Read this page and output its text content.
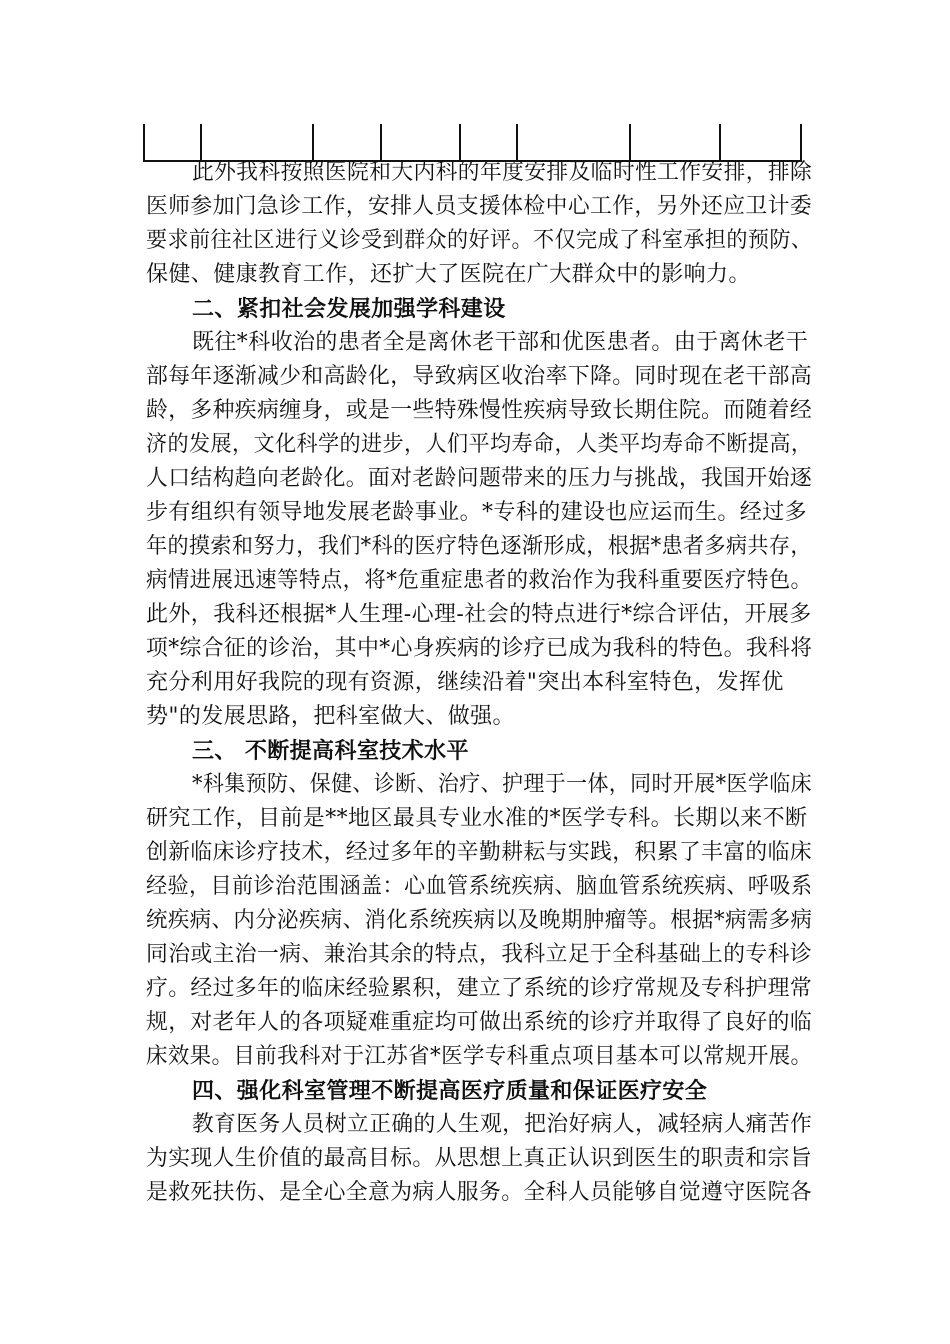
此外我科按照医院和大内科的年度安排及临时性工作安排，排除
医师参加门急诊工作，安排人员支援体检中心工作，另外还应卫计委
要求前往社区进行义诊受到群众的好评。不仅完成了科室承担的预防、
保健、健康教育工作，还扩大了医院在广大群众中的影响力。
二、紧扣社会发展加强学科建设
既往*科收治的患者全是离休老干部和优医患者。由于离休老干
部每年逐渐减少和高龄化，导致病区收治率下降。同时现在老干部高
龄，多种疾病缠身，或是一些特殊慢性疾病导致长期住院。而随着经
济的发展，文化科学的进步，人们平均寿命，人类平均寿命不断提高，
人口结构趋向老龄化。面对老龄问题带来的压力与挑战，我国开始逐
步有组织有领导地发展老龄事业。*专科的建设也应运而生。经过多
年的摸索和努力，我们*科的医疗特色逐渐形成，根据*患者多病共存，
病情进展迅速等特点，将*危重症患者的救治作为我科重要医疗特色。
此外，我科还根据*人生理-心理-社会的特点进行*综合评估，开展多
项*综合征的诊治，其中*心身疾病的诊疗已成为我科的特色。我科将
充分利用好我院的现有资源，继续沿着"突出本科室特色，发挥优
势"的发展思路，把科室做大、做强。
三、 不断提高科室技术水平
*科集预防、保健、诊断、治疗、护理于一体，同时开展*医学临床
研究工作，目前是**地区最具专业水准的*医学专科。长期以来不断
创新临床诊疗技术，经过多年的辛勤耕耘与实践，积累了丰富的临床
经验，目前诊治范围涵盖：心血管系统疾病、脑血管系统疾病、呼吸系
统疾病、内分泌疾病、消化系统疾病以及晚期肿瘤等。根据*病需多病
同治或主治一病、兼治其余的特点，我科立足于全科基础上的专科诊
疗。经过多年的临床经验累积，建立了系统的诊疗常规及专科护理常
规，对老年人的各项疑难重症均可做出系统的诊疗并取得了良好的临
床效果。目前我科对于江苏省*医学专科重点项目基本可以常规开展。
四、强化科室管理不断提高医疗质量和保证医疗安全
教育医务人员树立正确的人生观，把治好病人，减轻病人痛苦作
为实现人生价值的最高目标。从思想上真正认识到医生的职责和宗旨
是救死扶伤、是全心全意为病人服务。全科人员能够自觉遵守医院各
